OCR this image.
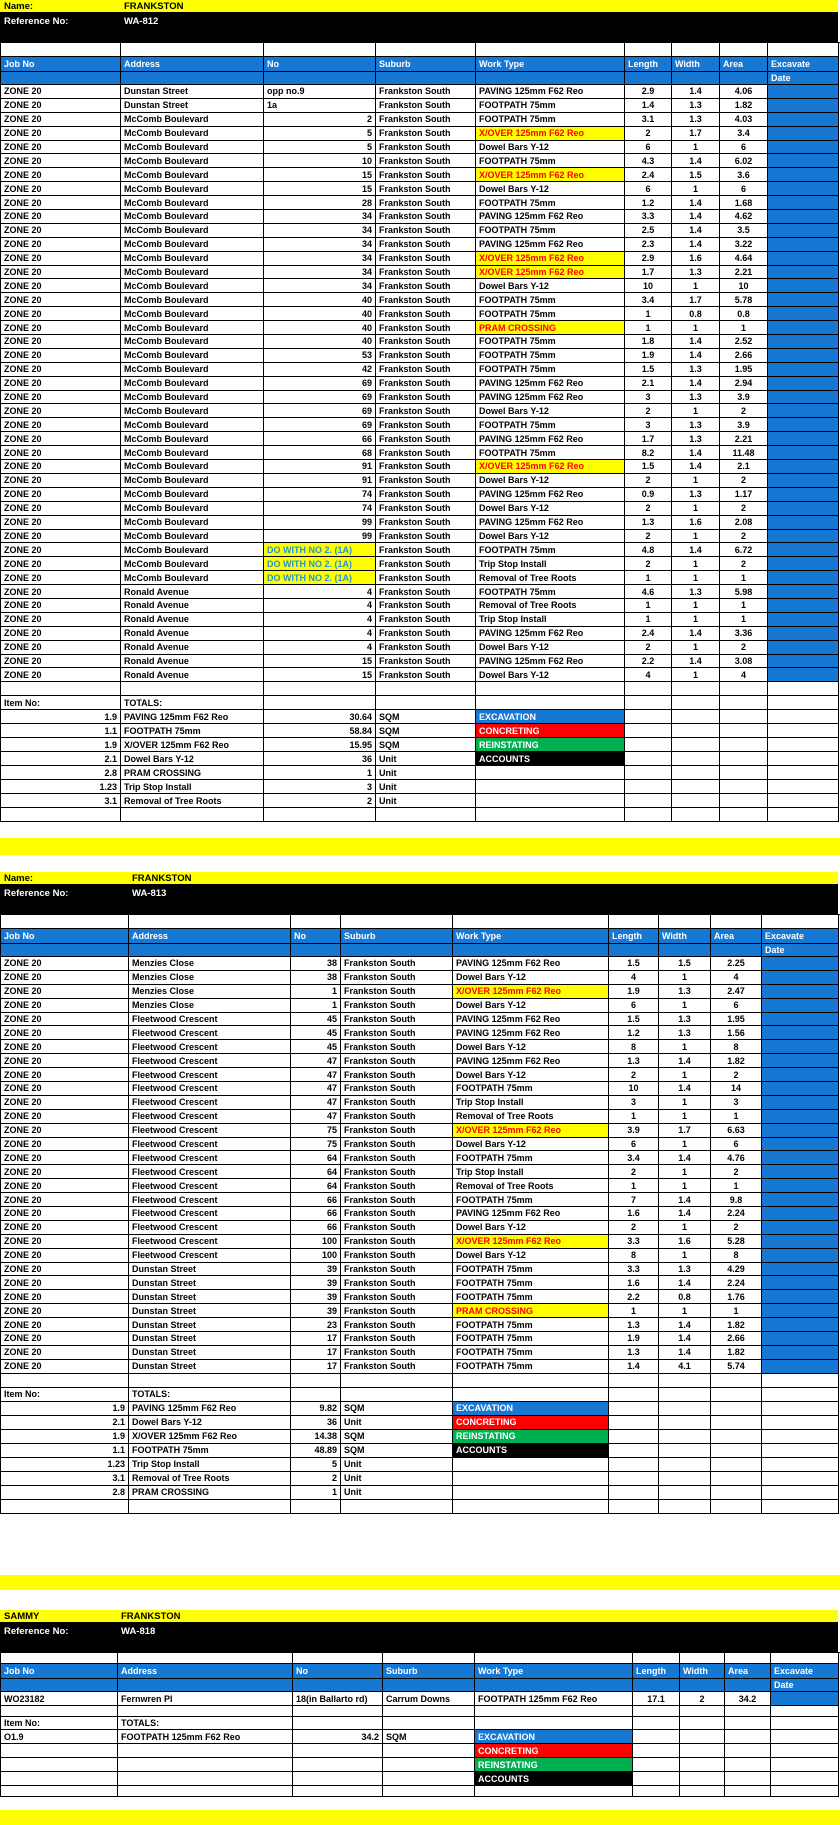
Name:	FRANKSTON
Reference No:	WA-812
Job No	Address	No	Suburb	Work Type	Length	Width	Area	Excavate
Date
ZONE 20	Dunstan Street	opp no.9	Frankston South	PAVING 125mm F62 Reo	2.9	1.4	4.06
ZONE 20	Dunstan Street	1a	Frankston South	FOOTPATH 75mm	1.4	1.3	1.82
ZONE 20	McComb Boulevard	2 Frankston South	FOOTPATH 75mm	3.1	1.3	4.03
ZONE 20	McComb Boulevard	5 Frankston South	X/OVER 125mm F62 Reo	2	1.7	3.4
ZONE 20	McComb Boulevard	5 Frankston South	Dowel Bars Y-12	6	1	6
ZONE 20	McComb Boulevard	10 Frankston South	FOOTPATH 75mm	4.3	1.4	6.02
ZONE 20	McComb Boulevard	15 Frankston South	X/OVER 125mm F62 Reo	2.4	1.5	3.6
ZONE 20	McComb Boulevard	15 Frankston South	Dowel Bars Y-12	6	1	6
ZONE 20	McComb Boulevard	28 Frankston South	FOOTPATH 75mm	1.2	1.4	1.68
ZONE 20	McComb Boulevard	34 Frankston South	PAVING 125mm F62 Reo	3.3	1.4	4.62
ZONE 20	McComb Boulevard	34 Frankston South	FOOTPATH 75mm	2.5	1.4	3.5
ZONE 20	McComb Boulevard	34 Frankston South	PAVING 125mm F62 Reo	2.3	1.4	3.22
ZONE 20	McComb Boulevard	34 Frankston South	X/OVER 125mm F62 Reo	2.9	1.6	4.64
ZONE 20	McComb Boulevard	34 Frankston South	X/OVER 125mm F62 Reo	1.7	1.3	2.21
ZONE 20	McComb Boulevard	34 Frankston South	Dowel Bars Y-12	10	1	10
ZONE 20	McComb Boulevard	40 Frankston South	FOOTPATH 75mm	3.4	1.7	5.78
ZONE 20	McComb Boulevard	40 Frankston South	FOOTPATH 75mm	1	0.8	0.8
ZONE 20	McComb Boulevard	40 Frankston South	PRAM CROSSING	1	1	1
ZONE 20	McComb Boulevard	40 Frankston South	FOOTPATH 75mm	1.8	1.4	2.52
ZONE 20	McComb Boulevard	53 Frankston South	FOOTPATH 75mm	1.9	1.4	2.66
ZONE 20	McComb Boulevard	42 Frankston South	FOOTPATH 75mm	1.5	1.3	1.95
ZONE 20	McComb Boulevard	69 Frankston South	PAVING 125mm F62 Reo	2.1	1.4	2.94
ZONE 20	McComb Boulevard	69 Frankston South	PAVING 125mm F62 Reo	3	1.3	3.9
ZONE 20	McComb Boulevard	69 Frankston South	Dowel Bars Y-12	2	1	2
ZONE 20	McComb Boulevard	69 Frankston South	FOOTPATH 75mm	3	1.3	3.9
ZONE 20	McComb Boulevard	66 Frankston South	PAVING 125mm F62 Reo	1.7	1.3	2.21
ZONE 20	McComb Boulevard	68 Frankston South	FOOTPATH 75mm	8.2	1.4	11.48
ZONE 20	McComb Boulevard	91 Frankston South	X/OVER 125mm F62 Reo	1.5	1.4	2.1
ZONE 20	McComb Boulevard	91 Frankston South	Dowel Bars Y-12	2	1	2
ZONE 20	McComb Boulevard	74 Frankston South	PAVING 125mm F62 Reo	0.9	1.3	1.17
ZONE 20	McComb Boulevard	74 Frankston South	Dowel Bars Y-12	2	1	2
ZONE 20	McComb Boulevard	99 Frankston South	PAVING 125mm F62 Reo	1.3	1.6	2.08
ZONE 20	McComb Boulevard	99 Frankston South	Dowel Bars Y-12	2	1	2
ZONE 20	McComb Boulevard	DO WITH NO 2. (1A)	Frankston South	FOOTPATH 75mm	4.8	1.4	6.72
ZONE 20	McComb Boulevard	DO WITH NO 2. (1A)	Frankston South	Trip Stop Install	2	1	2
ZONE 20	McComb Boulevard	DO WITH NO 2. (1A)	Frankston South	Removal of Tree Roots	1	1	1
ZONE 20	Ronald Avenue	4 Frankston South	FOOTPATH 75mm	4.6	1.3	5.98
ZONE 20	Ronald Avenue	4 Frankston South	Removal of Tree Roots	1	1	1
ZONE 20	Ronald Avenue	4 Frankston South	Trip Stop Install	1	1	1
ZONE 20	Ronald Avenue	4 Frankston South	PAVING 125mm F62 Reo	2.4	1.4	3.36
ZONE 20	Ronald Avenue	4 Frankston South	Dowel Bars Y-12	2	1	2
ZONE 20	Ronald Avenue	15 Frankston South	PAVING 125mm F62 Reo	2.2	1.4	3.08
ZONE 20	Ronald Avenue	15 Frankston South	Dowel Bars Y-12	4	1	4
Item No:	TOTALS:
1.9 PAVING 125mm F62 Reo	30.64 SQM	EXCAVATION
1.1 FOOTPATH 75mm	58.84 SQM	CONCRETING
1.9 X/OVER 125mm F62 Reo	15.95 SQM	REINSTATING
2.1 Dowel Bars Y-12	36 Unit	ACCOUNTS
2.8 PRAM CROSSING	1 Unit
1.23 Trip Stop Install	3 Unit
3.1 Removal of Tree Roots	2 Unit
Name:	FRANKSTON
Reference No:	WA-813
Job No	Address	No	Suburb	Work Type	Length	Width	Area	Excavate
Date
ZONE 20	Menzies Close	38 Frankston South	PAVING 125mm F62 Reo	1.5	1.5	2.25
ZONE 20	Menzies Close	38 Frankston South	Dowel Bars Y-12	4	1	4
ZONE 20	Menzies Close	1 Frankston South	X/OVER 125mm F62 Reo	1.9	1.3	2.47
ZONE 20	Menzies Close	1 Frankston South	Dowel Bars Y-12	6	1	6
ZONE 20	Fleetwood Crescent	45 Frankston South	PAVING 125mm F62 Reo	1.5	1.3	1.95
ZONE 20	Fleetwood Crescent	45 Frankston South	PAVING 125mm F62 Reo	1.2	1.3	1.56
ZONE 20	Fleetwood Crescent	45 Frankston South	Dowel Bars Y-12	8	1	8
ZONE 20	Fleetwood Crescent	47 Frankston South	PAVING 125mm F62 Reo	1.3	1.4	1.82
ZONE 20	Fleetwood Crescent	47 Frankston South	Dowel Bars Y-12	2	1	2
ZONE 20	Fleetwood Crescent	47 Frankston South	FOOTPATH 75mm	10	1.4	14
ZONE 20	Fleetwood Crescent	47 Frankston South	Trip Stop Install	3	1	3
ZONE 20	Fleetwood Crescent	47 Frankston South	Removal of Tree Roots	1	1	1
ZONE 20	Fleetwood Crescent	75 Frankston South	X/OVER 125mm F62 Reo	3.9	1.7	6.63
ZONE 20	Fleetwood Crescent	75 Frankston South	Dowel Bars Y-12	6	1	6
ZONE 20	Fleetwood Crescent	64 Frankston South	FOOTPATH 75mm	3.4	1.4	4.76
ZONE 20	Fleetwood Crescent	64 Frankston South	Trip Stop Install	2	1	2
ZONE 20	Fleetwood Crescent	64 Frankston South	Removal of Tree Roots	1	1	1
ZONE 20	Fleetwood Crescent	66 Frankston South	FOOTPATH 75mm	7	1.4	9.8
ZONE 20	Fleetwood Crescent	66 Frankston South	PAVING 125mm F62 Reo	1.6	1.4	2.24
ZONE 20	Fleetwood Crescent	66 Frankston South	Dowel Bars Y-12	2	1	2
ZONE 20	Fleetwood Crescent	100 Frankston South	X/OVER 125mm F62 Reo	3.3	1.6	5.28
ZONE 20	Fleetwood Crescent	100 Frankston South	Dowel Bars Y-12	8	1	8
ZONE 20	Dunstan Street	39 Frankston South	FOOTPATH 75mm	3.3	1.3	4.29
ZONE 20	Dunstan Street	39 Frankston South	FOOTPATH 75mm	1.6	1.4	2.24
ZONE 20	Dunstan Street	39 Frankston South	FOOTPATH 75mm	2.2	0.8	1.76
ZONE 20	Dunstan Street	39 Frankston South	PRAM CROSSING	1	1	1
ZONE 20	Dunstan Street	23 Frankston South	FOOTPATH 75mm	1.3	1.4	1.82
ZONE 20	Dunstan Street	17 Frankston South	FOOTPATH 75mm	1.9	1.4	2.66
ZONE 20	Dunstan Street	17 Frankston South	FOOTPATH 75mm	1.3	1.4	1.82
ZONE 20	Dunstan Street	17 Frankston South	FOOTPATH 75mm	1.4	4.1	5.74
Item No:	TOTALS:
1.9 PAVING 125mm F62 Reo	9.82 SQM	EXCAVATION
2.1 Dowel Bars Y-12	36 Unit	CONCRETING
1.9 X/OVER 125mm F62 Reo	14.38 SQM	REINSTATING
1.1 FOOTPATH 75mm	48.89 SQM	ACCOUNTS
1.23 Trip Stop Install	5 Unit
3.1 Removal of Tree Roots	2 Unit
2.8 PRAM CROSSING	1 Unit
SAMMY	FRANKSTON
Reference No:	WA-818
Job No	Address	No	Suburb	Work Type	Length	Width	Area	Excavate
Date
WO23182	Fernwren Pl	18(in Ballarto rd)	Carrum Downs	FOOTPATH 125mm F62 Reo	17.1	2	34.2
Item No:	TOTALS:
O1.9	FOOTPATH 125mm F62 Reo	34.2 SQM	EXCAVATION
CONCRETING
REINSTATING
ACCOUNTS
